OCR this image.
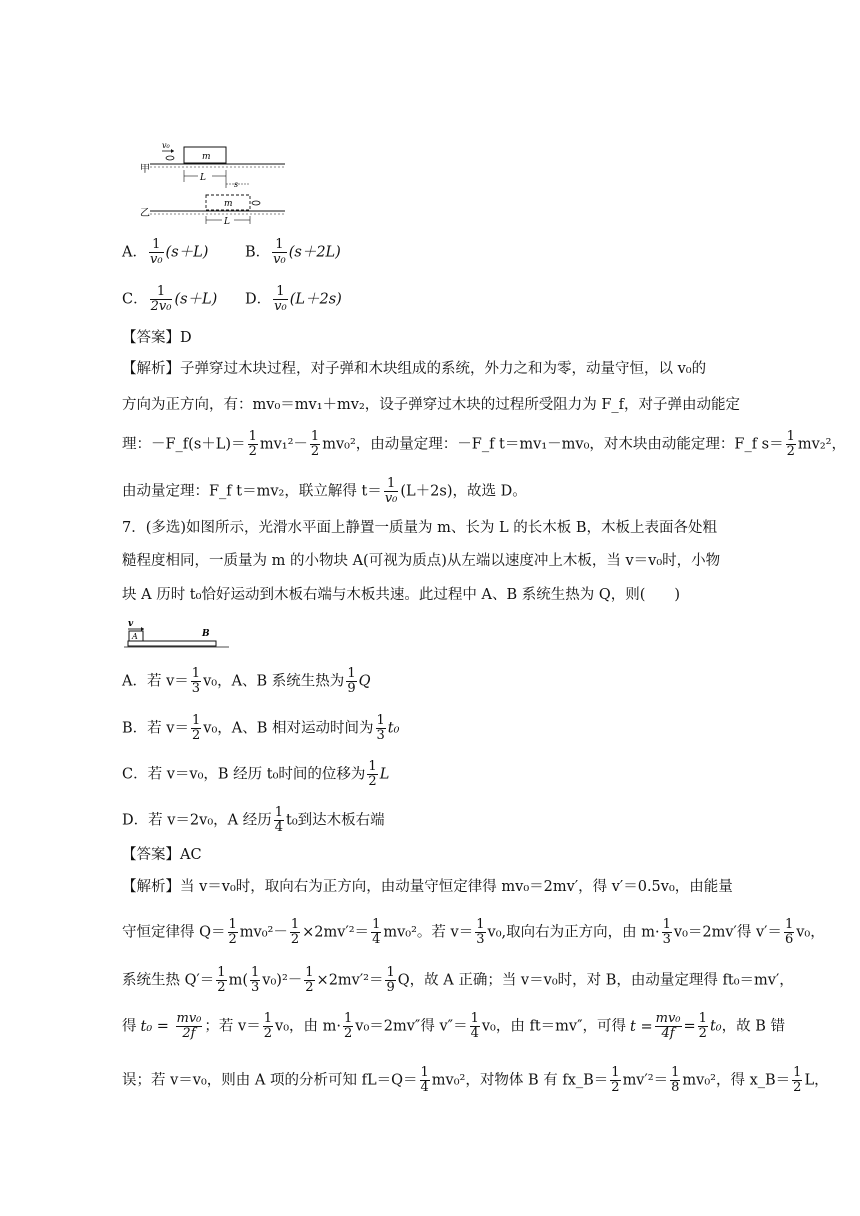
v₀
m
甲
L
s
m
乙
L
A． $\frac{1}{\text{v₀}} (s+L)$	B． $\frac{1}{\text{v₀}} (s+2L)$
C． $\frac{1}{\text{2v₀}} (s+L)$ D． $\frac{1}{\text{v₀}} (L+2s)$
【答案】D
【解析】子弹穿过木块过程，对子弹和木块组成的系统，外力之和为零，动量守恒，以 v₀的
方向为正方向，有：mv₀＝mv₁＋mv₂，设子弹穿过木块的过程所受阻力为 F_f，对子弹由动能定
理：－F_f(s＋L)＝ $\frac{1}{2} mv_1^2- \frac{1}{2} mv_0^2$，由动量定理：－F_f t＝mv₁－mv₀，对木块由动能定理：F_f $s= \frac{1}{2} mv_2^2$，
由动量定理：F_f t＝mv₂，联立解得 $t= \frac{1}{\text{v₀}} (L+2s)$，故选 D。
7．(多选)如图所示，光滑水平面上静置一质量为 m、长为 L 的长木板 B，木板上表面各处粗
糙程度相同，一质量为 m 的小物块 A(可视为质点)从左端以速度冲上木板，当 v＝v₀时，小物
块 A 历时 t₀恰好运动到木板右端与木板共速。此过程中 A、B 系统生热为 Q，则(　　)
v
A	B
A．若 $v= \frac{1}{3} v_0$，A、B 系统生热为 $\frac{1}{9}$ Q
B．若 $v= \frac{1}{2} v_0$，A、B 相对运动时间为 $\frac{1}{3} t_0$
C．若 v＝v₀，B 经历 t₀时间的位移为 $\frac{1}{2}$ L
D．若 v＝2v₀，A 经历 $\frac{1}{4} t_0$到达木板右端
【答案】AC
【解析】当 v＝v₀时，取向右为正方向，由动量守恒定律得 mv₀＝2mv′，得 v′＝0.5v₀，由能量
守恒定律得 $Q= \frac{1}{2} mv_0^2- \frac{1}{2} \times 2mv'^2= \frac{1}{4} mv_0^2$。若 $v= \frac{1}{3} v_0$,取向右为正方向，由 $m\cdot \frac{1}{3} v_0=2mv'$得 $v'= \frac{1}{6} v_0$，
系统生热 $Q'= \frac{1}{2} m( \frac{1}{3} v_0)^2- \frac{1}{2} \times 2mv'^2= \frac{1}{9}$ Q，故 A 正确；当 v＝v₀时，对 B，由动量定理得 ft₀＝mv′，
得 $t_0 = \frac{\text{mv₀}}{2f}$ ；若 $v= \frac{1}{2} v_0$，由 $m\cdot \frac{1}{2} v_0=2mv''$得 $v''= \frac{1}{4} v_0$，由 ft＝mv″，可得 $t = \frac{\text{mv₀}}{4f} = \frac{1}{2} t_0$，故 B 错
误；若 v＝v₀，则由 A 项的分析可知 $fL=Q= \frac{1}{4} mv_0^2$，对物体 B 有 fx_B＝ $\frac{1}{2} mv'^2= \frac{1}{8} mv_0^2$，得 x_B＝ $\frac{1}{2}$ L，
